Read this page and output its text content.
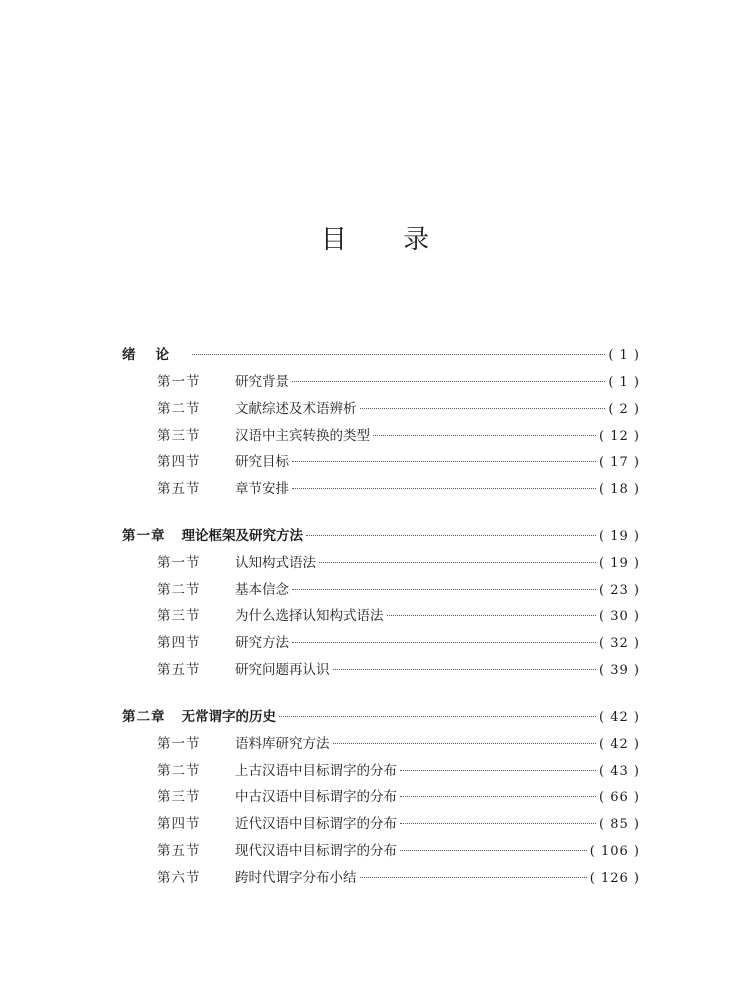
目 录
绪论	( 1 )
第一节	研究背景	( 1 )
第二节	文献综述及术语辨析	( 2 )
第三节	汉语中主宾转换的类型	( 12 )
第四节	研究目标	( 17 )
第五节	章节安排	( 18 )
第一章 理论框架及研究方法	( 19 )
第一节	认知构式语法	( 19 )
第二节	基本信念	( 23 )
第三节	为什么选择认知构式语法	( 30 )
第四节	研究方法	( 32 )
第五节	研究问题再认识	( 39 )
第二章 无常谓字的历史	( 42 )
第一节	语料库研究方法	( 42 )
第二节	上古汉语中目标谓字的分布	( 43 )
第三节	中古汉语中目标谓字的分布	( 66 )
第四节	近代汉语中目标谓字的分布	( 85 )
第五节	现代汉语中目标谓字的分布	( 106 )
第六节	跨时代谓字分布小结	( 126 )
